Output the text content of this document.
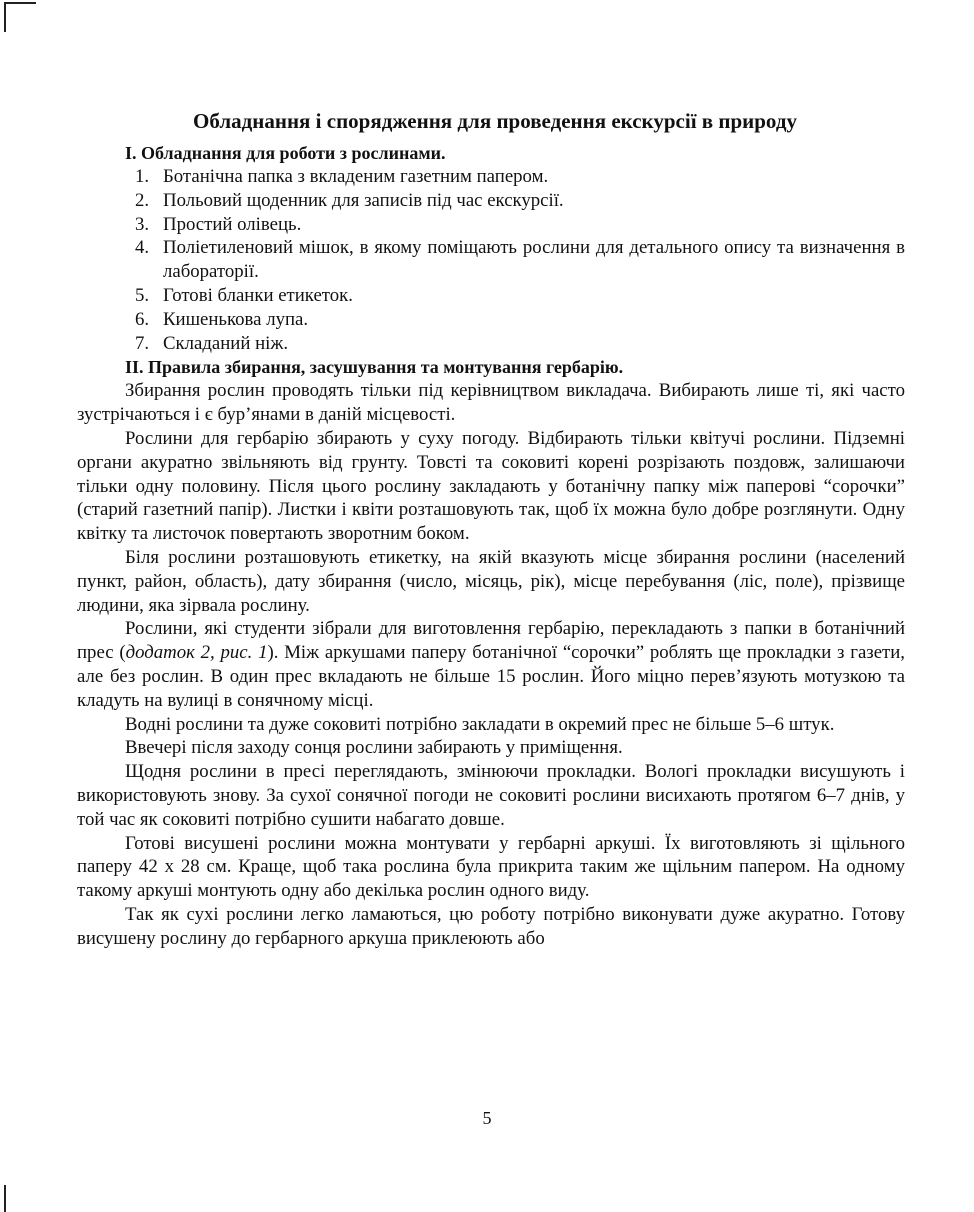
Обладнання і спорядження для проведення екскурсії в природу
I. Обладнання для роботи з рослинами.
1. Ботанічна папка з вкладеним газетним папером.
2. Польовий щоденник для записів під час екскурсії.
3. Простий олівець.
4. Поліетиленовий мішок, в якому поміщають рослини для детального опису та визначення в лабораторії.
5. Готові бланки етикеток.
6. Кишенькова лупа.
7. Складаний ніж.
II. Правила збирання, засушування та монтування гербарію.

Збирання рослин проводять тільки під керівництвом викладача. Вибирають лише ті, які часто зустрічаються і є бур’янами в даній місцевості.

Рослини для гербарію збирають у суху погоду. Відбирають тільки квітучі рослини. Підземні органи акуратно звільняють від грунту. Товсті та соковиті корені розрізають поздовж, залишаючи тільки одну половину. Після цього рослину закладають у ботанічну папку між паперові “сорочки” (старий газетний папір). Листки і квіти розташовують так, щоб їх можна було добре розглянути. Одну квітку та листочок повертають зворотним боком.

Біля рослини розташовують етикетку, на якій вказують місце збирання рослини (населений пункт, район, область), дату збирання (число, місяць, рік), місце перебування (ліс, поле), прізвище людини, яка зірвала рослину.

Рослини, які студенти зібрали для виготовлення гербарію, перекладають з папки в ботанічний прес (додаток 2, рис. 1). Між аркушами паперу ботанічної “сорочки” роблять ще прокладки з газети, але без рослин. В один прес вкладають не більше 15 рослин. Його міцно перев’язують мотузкою та кладуть на вулиці в сонячному місці.

Водні рослини та дуже соковиті потрібно закладати в окремий прес не більше 5–6 штук.

Ввечері після заходу сонця рослини забирають у приміщення.

Щодня рослини в пресі переглядають, змінюючи прокладки. Вологі прокладки висушують і використовують знову. За сухої сонячної погоди не соковиті рослини висихають протягом 6–7 днів, у той час як соковиті потрібно сушити набагато довше.

Готові висушені рослини можна монтувати у гербарні аркуші. Їх виготовляють зі щільного паперу 42 х 28 см. Краще, щоб така рослина була прикрита таким же щільним папером. На одному такому аркуші монтують одну або декілька рослин одного виду.

Так як сухі рослини легко ламаються, цю роботу потрібно виконувати дуже акуратно. Готову висушену рослину до гербарного аркуша приклеюють або

5
